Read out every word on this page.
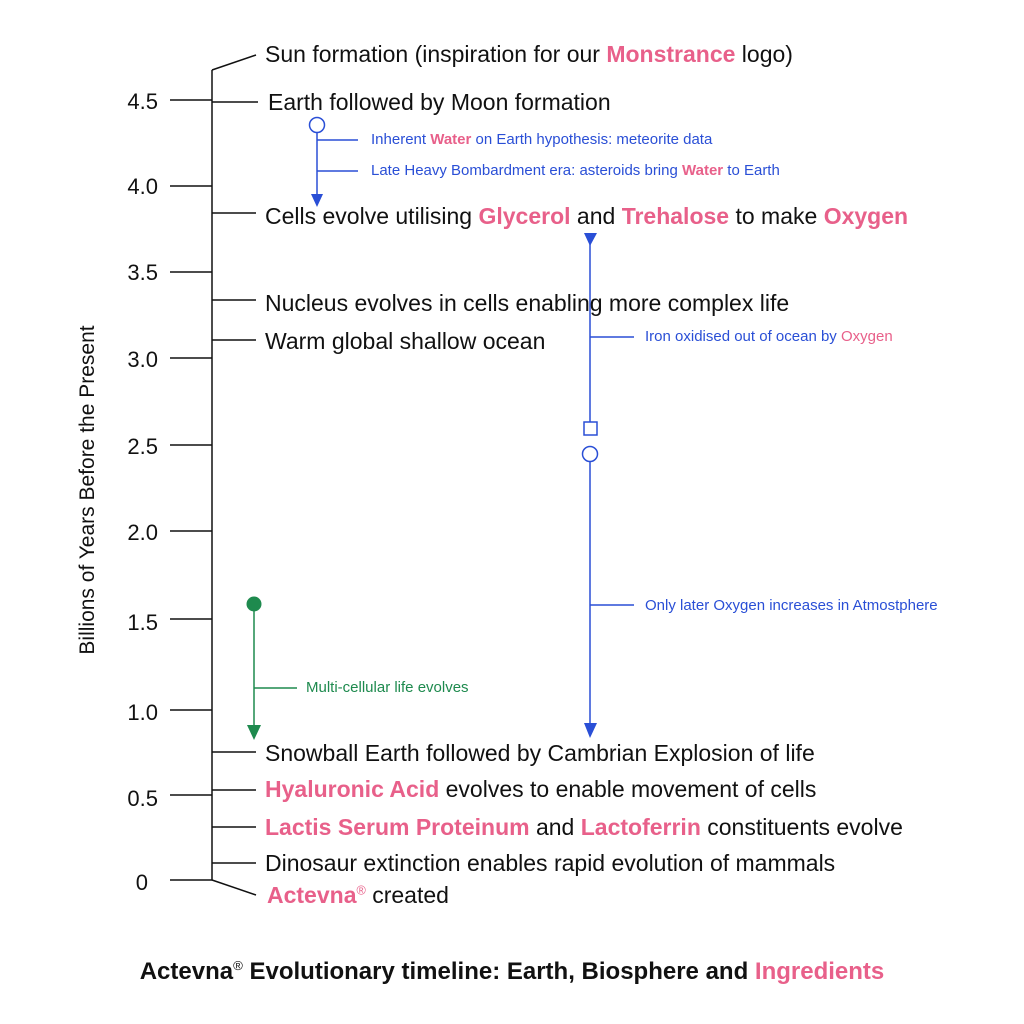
4.5
4.0
3.5
3.0
2.5
2.0
1.5
1.0
0.5
0
Billions of Years Before the Present
Sun formation (inspiration for our Monstrance logo)
Earth followed by Moon formation
Inherent Water on Earth hypothesis: meteorite data
Late Heavy Bombardment era: asteroids bring Water to Earth
Cells evolve utilising Glycerol and Trehalose to make Oxygen
Nucleus evolves in cells enabling more complex life
Warm global shallow ocean	Iron oxidised out of ocean by Oxygen
Only later Oxygen increases in Atmostphere
Multi-cellular life evolves
Snowball Earth followed by Cambrian Explosion of life
Hyaluronic Acid evolves to enable movement of cells
Lactis Serum Proteinum and Lactoferrin constituents evolve
Dinosaur extinction enables rapid evolution of mammals
Actevna® created
Actevna® Evolutionary timeline: Earth, Biosphere and Ingredients
